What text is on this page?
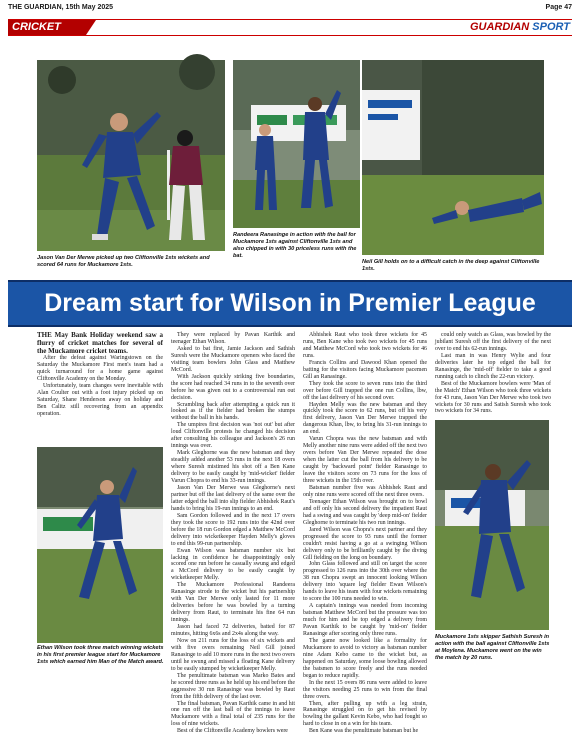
THE GUARDIAN, 15th May 2025	Page 47
CRICKET	GUARDIAN SPORT
Jason Van Der Merwe picked up two Cliftonville 1sts wickets and scored 64 runs for Muckamore 1sts.
Randeera Ranasinge in action with the ball for Muckamore 1sts against Cliftonville 1sts and also chipped in with 30 priceless runs with the bat.
Neil Gill holds on to a difficult catch in the deep against Cliftonville 1sts.
Dream start for Wilson in Premier League

THE May Bank Holiday weekend saw a flurry of cricket matches for several of the Muckamore cricket teams.

After the defeat against Waringstown on the Saturday the Muckamore First men's team had a quick turnaround for a home game against Cliftonville Academy on the Monday.

Unfortunately, team changes were inevitable with Alan Coulter out with a foot injury picked up on Saturday, Shane Henderson away on holiday and Ben Calitz still recovering from an appendix operation.

They were replaced by Pavan Karthik and teenager Ethan Wilson.

Asked to bat first, Jamie Jackson and Sathish Suresh were the Muckamore openers who faced the visiting team bowlers John Glass and Matthew McCord.

With Jackson quickly striking five boundaries, the score had reached 34 runs in to the seventh over before he was given out to a controversial run out decision.

Scrambling back after attempting a quick run it looked as if the fielder had broken the stumps without the ball in his hands.

The umpires first decision was 'not out' but after loud Cliftonville protests he changed his decision after consulting his colleague and Jackson's 26 run innings was over.

Mark Gleghorne was the new batsman and they steadily added another 53 runs in the next 18 overs where Suresh mistimed his shot off a Ben Kane delivery to be easily caught by 'mid-wicket' fielder Varun Chopra to end his 33-run innings.

Jason Van Der Merwe was Gleghorne's next partner but off the last delivery of the same over the latter edged the ball into slip fielder Abhishek Raut's hands to bring his 19-run innings to an end.

Sam Gordon followed and in the next 17 overs they took the score to 192 runs into the 42nd over before the 18 run Gordon edged a Matthew McCord delivery into wicketkeeper Hayden Melly's gloves to end this 99-run partnership.

Ewan Wilson was batsman number six but lacking in confidence he disappointingly only scored one run before he casually swung and edged a McCord delivery to be easily caught by wicketkeeper Melly.

The Muckamore Professional Randeera Ranasinge strode to the wicket but his partnership with Van Der Merwe only lasted for 11 more deliveries before he was bowled by a turning delivery from Raut, to terminate his fine 64 run innings.

Jason had faced 72 deliveries, batted for 87 minutes, hitting 6x6s and 2x4s along the way.

Now on 211 runs for the loss of six wickets and with five overs remaining Neil Gill joined Ranasinge to add 10 more runs in the next two overs until he swung and missed a floating Kane delivery to be easily stumped by wicketkeeper Melly.

The penultimate batsman was Marko Bates and he scored three runs as he held up his end before the aggressive 30 run Ranasinge was bowled by Raut from the fifth delivery of the last over.

The final batsman, Pavan Karthik came in and hit one run off the last ball of the innings to leave Muckamore with a final total of 235 runs for the loss of nine wickets.

Best of the Cliftonville Academy bowlers were

Abhishek Raut who took three wickets for 45 runs, Ben Kane who took two wickets for 45 runs and Matthew McCord who took two wickets for 46 runs.

Francis Collins and Dawood Khan opened the batting for the visitors facing Muckamore pacemen Gill an Ranasinge.

They took the score to seven runs into the third over before Gill trapped the one run Collins, lbw, off the last delivery of his second over.

Hayden Melly was the new batsman and they quickly took the score to 62 runs, but off his very first delivery, Jason Van Der Merwe trapped the dangerous Khan, lbw, to bring his 31-run innings to an end.

Varun Chopra was the new batsman and with Melly another nine runs were added off the next two overs before Van Der Merwe repeated the dose when the latter cut the ball from his delivery to be caught by 'backward point' fielder Ranasinge to leave the visitors score on 73 runs for the loss of three wickets in the 15th over.

Batsman number five was Abhishek Raut and only nine runs were scored off the next three overs.

Teenager Ethan Wilson was brought on to bowl and off only his second delivery the impatient Raut had a swing and was caught by 'deep mid-on' fielder Gleghorne to terminate his two run innings.

Jared Wilson was Chopra's next partner and they progressed the score to 93 runs until the former couldn't resist having a go at a swinging Wilson delivery only to be brilliantly caught by the diving Gill fielding on the long on boundary.

John Glass followed and still on target the score progressed to 126 runs into the 30th over where the 38 run Chopra swept an innocent looking Wilson delivery into 'square leg' fielder Ewan Wilson's hands to leave his team with four wickets remaining to score the 100 runs needed to win.

A captain's innings was needed from incoming batsman Matthew McCord but the pressure was too much for him and he top edged a delivery from Pavan Karthik to be caught by 'mid-on' fielder Ranasinge after scoring only three runs.

The game now looked like a formality for Muckamore to avoid to victory as batsman number nine Adam Kebo came to the wicket but, as happened on Saturday, some loose bowling allowed the batsmen to score freely and the runs needed began to reduce rapidly.

In the next 15 overs 86 runs were added to leave the visitors needing 25 runs to win from the final three overs.

Then, after pulling up with a leg strain, Ranasinge struggled on to get his revised by bowling the gallant Kevin Kebo, who had fought so hard to close in on a win for his team.

Ben Kane was the penultimate batsman but he

could only watch as Glass, was bowled by the jubilant Suresh off the first delivery of the next over to end his 62-run innings.

Last man in was Henry Wylie and four deliveries later he top edged the ball for Ranasinge, the 'mid-off' fielder to take a good running catch to clinch the 22-run victory.

Best of the Muckamore bowlers were 'Man of the Match' Ethan Wilson who took three wickets for 43 runs, Jason Van Der Merwe who took two wickets for 30 runs and Satish Suresh who took two wickets for 34 runs.

Ethan Wilson took three match winning wickets in his first premier league start for Muckamore 1sts which earned him Man of the Match award.
Muckamore 1sts skipper Sathish Suresh in action with the ball against Cliftonville 1sts at Moylena. Muckamore went on the win the match by 20 runs.
